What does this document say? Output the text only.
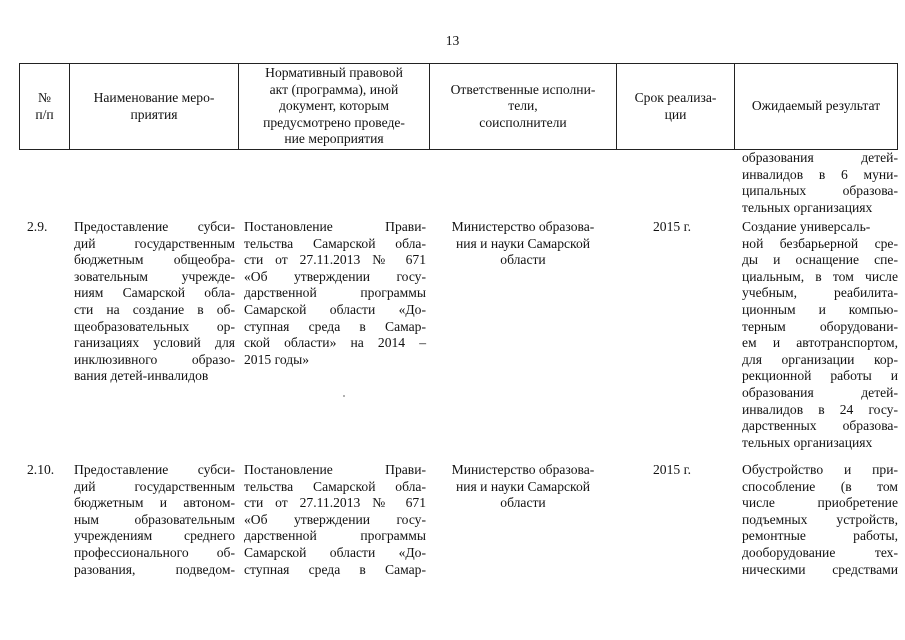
13
№
п/п
Наименование меро-
приятия
Нормативный правовой
акт (программа), иной
документ, которым
предусмотрено проведе-
ние мероприятия
Ответственные исполни-
тели,
соисполнители
Срок реализа-
ции
Ожидаемый результат
образования детей-
инвалидов в 6 муни-
ципальных образова-
тельных организациях
2.9. Предоставление субси-
дий государственным
бюджетным общеобра-
зовательным учрежде-
ниям Самарской обла-
сти на создание в об-
щеобразовательных ор-
ганизациях условий для
инклюзивного образо-
вания детей-инвалидов
Постановление Прави-
тельства Самарской обла-
сти от 27.11.2013 № 671
«Об утверждении госу-
дарственной программы
Самарской области «До-
ступная среда в Самар-
ской области» на 2014 –
2015 годы»
Министерство образова-
ния и науки Самарской
области
2015 г.	Создание универсаль-
ной безбарьерной сре-
ды и оснащение спе-
циальным, в том числе
учебным, реабилита-
ционным и компью-
терным оборудовани-
ем и автотранспортом,
для организации кор-
рекционной работы и
образования детей-
инвалидов в 24 госу-
дарственных образова-
тельных организациях
2.10. Предоставление субси-
дий государственным
бюджетным и автоном-
ным образовательным
учреждениям среднего
профессионального об-
разования, подведом-
Постановление Прави-
тельства Самарской обла-
сти от 27.11.2013 № 671
«Об утверждении госу-
дарственной программы
Самарской области «До-
ступная среда в Самар-
Министерство образова-
ния и науки Самарской
области
2015 г.	Обустройство и при-
способление (в том
числе приобретение
подъемных устройств,
ремонтные работы,
дооборудование тех-
ническими средствами
